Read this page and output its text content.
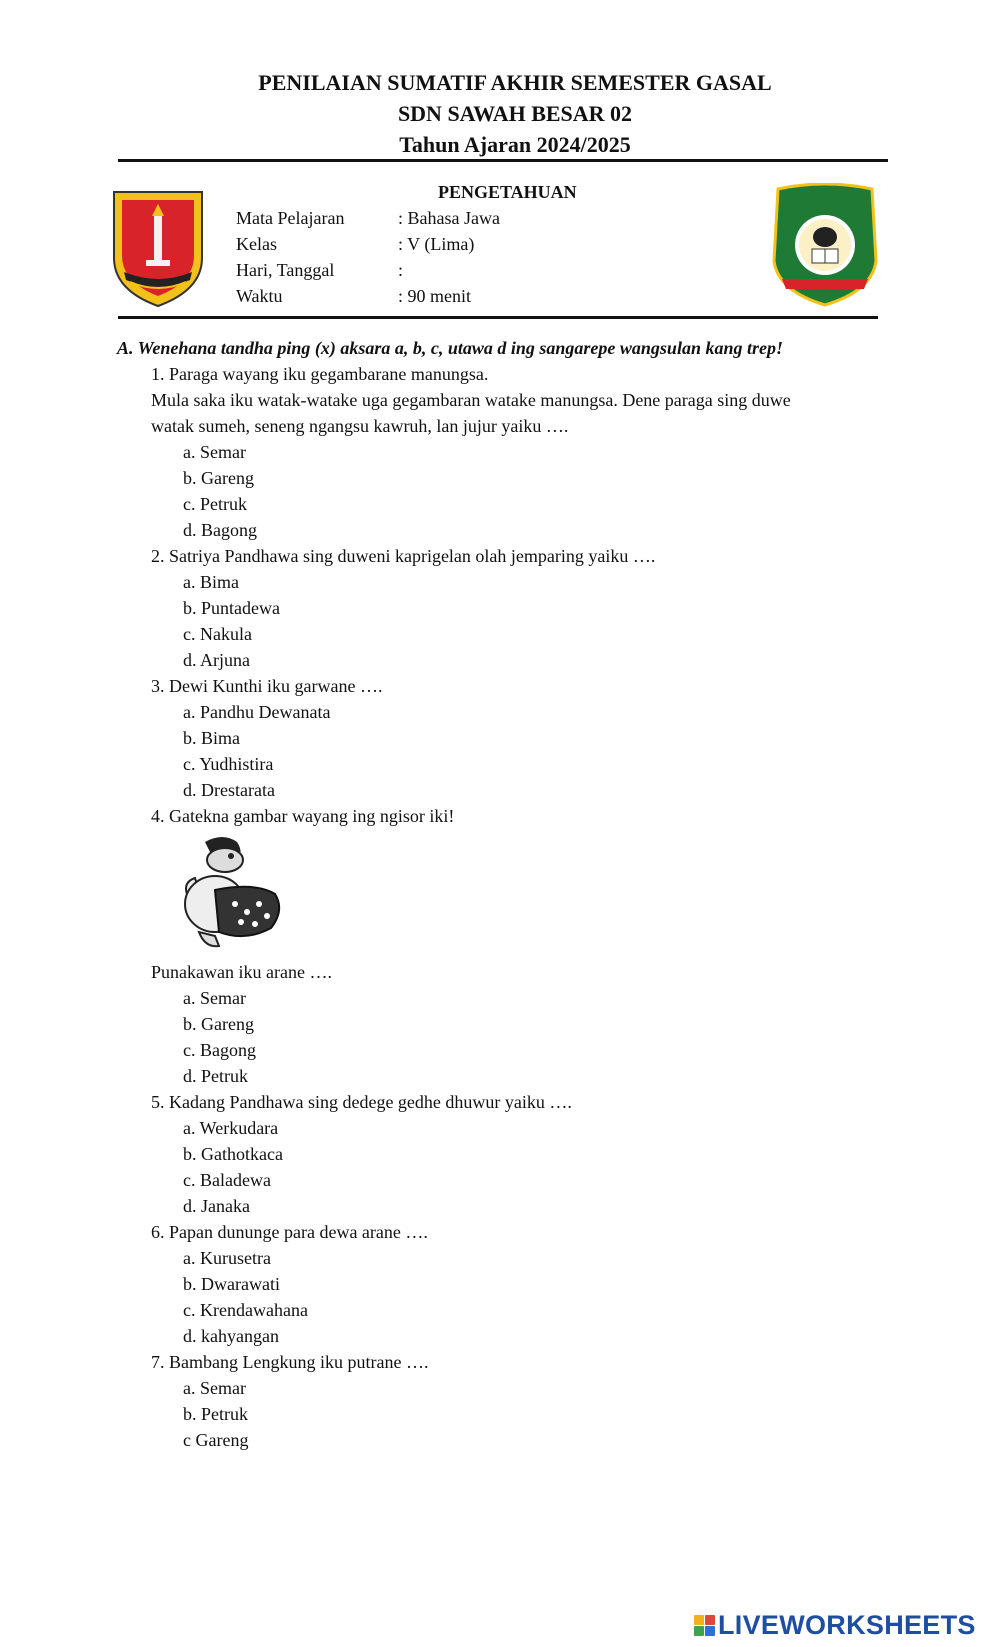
PENILAIAN SUMATIF AKHIR SEMESTER GASAL
SDN SAWAH BESAR 02
Tahun Ajaran 2024/2025
PENGETAHUAN
Mata Pelajaran	: Bahasa Jawa
Kelas	: V (Lima)
Hari, Tanggal	:
Waktu	: 90 menit
A. Wenehana tandha ping (x) aksara a, b, c, utawa d ing sangarepe wangsulan kang trep!
1. Paraga wayang iku gegambarane manungsa.
Mula saka iku watak-watake uga gegambaran watake manungsa. Dene paraga sing duwe
watak sumeh, seneng ngangsu kawruh, lan jujur yaiku ….
a. Semar
b. Gareng
c. Petruk
d. Bagong
2. Satriya Pandhawa sing duweni kaprigelan olah jemparing yaiku ….
a. Bima
b. Puntadewa
c. Nakula
d. Arjuna
3. Dewi Kunthi iku garwane ….
a. Pandhu Dewanata
b. Bima
c. Yudhistira
d. Drestarata
4. Gatekna gambar wayang ing ngisor iki!
Punakawan iku arane ….
a. Semar
b. Gareng
c. Bagong
d. Petruk
5. Kadang Pandhawa sing dedege gedhe dhuwur yaiku ….
a. Werkudara
b. Gathotkaca
c. Baladewa
d. Janaka
6. Papan dununge para dewa arane ….
a. Kurusetra
b. Dwarawati
c. Krendawahana
d. kahyangan
7. Bambang Lengkung iku putrane ….
a. Semar
b. Petruk
c Gareng
LIVEWORKSHEETS
